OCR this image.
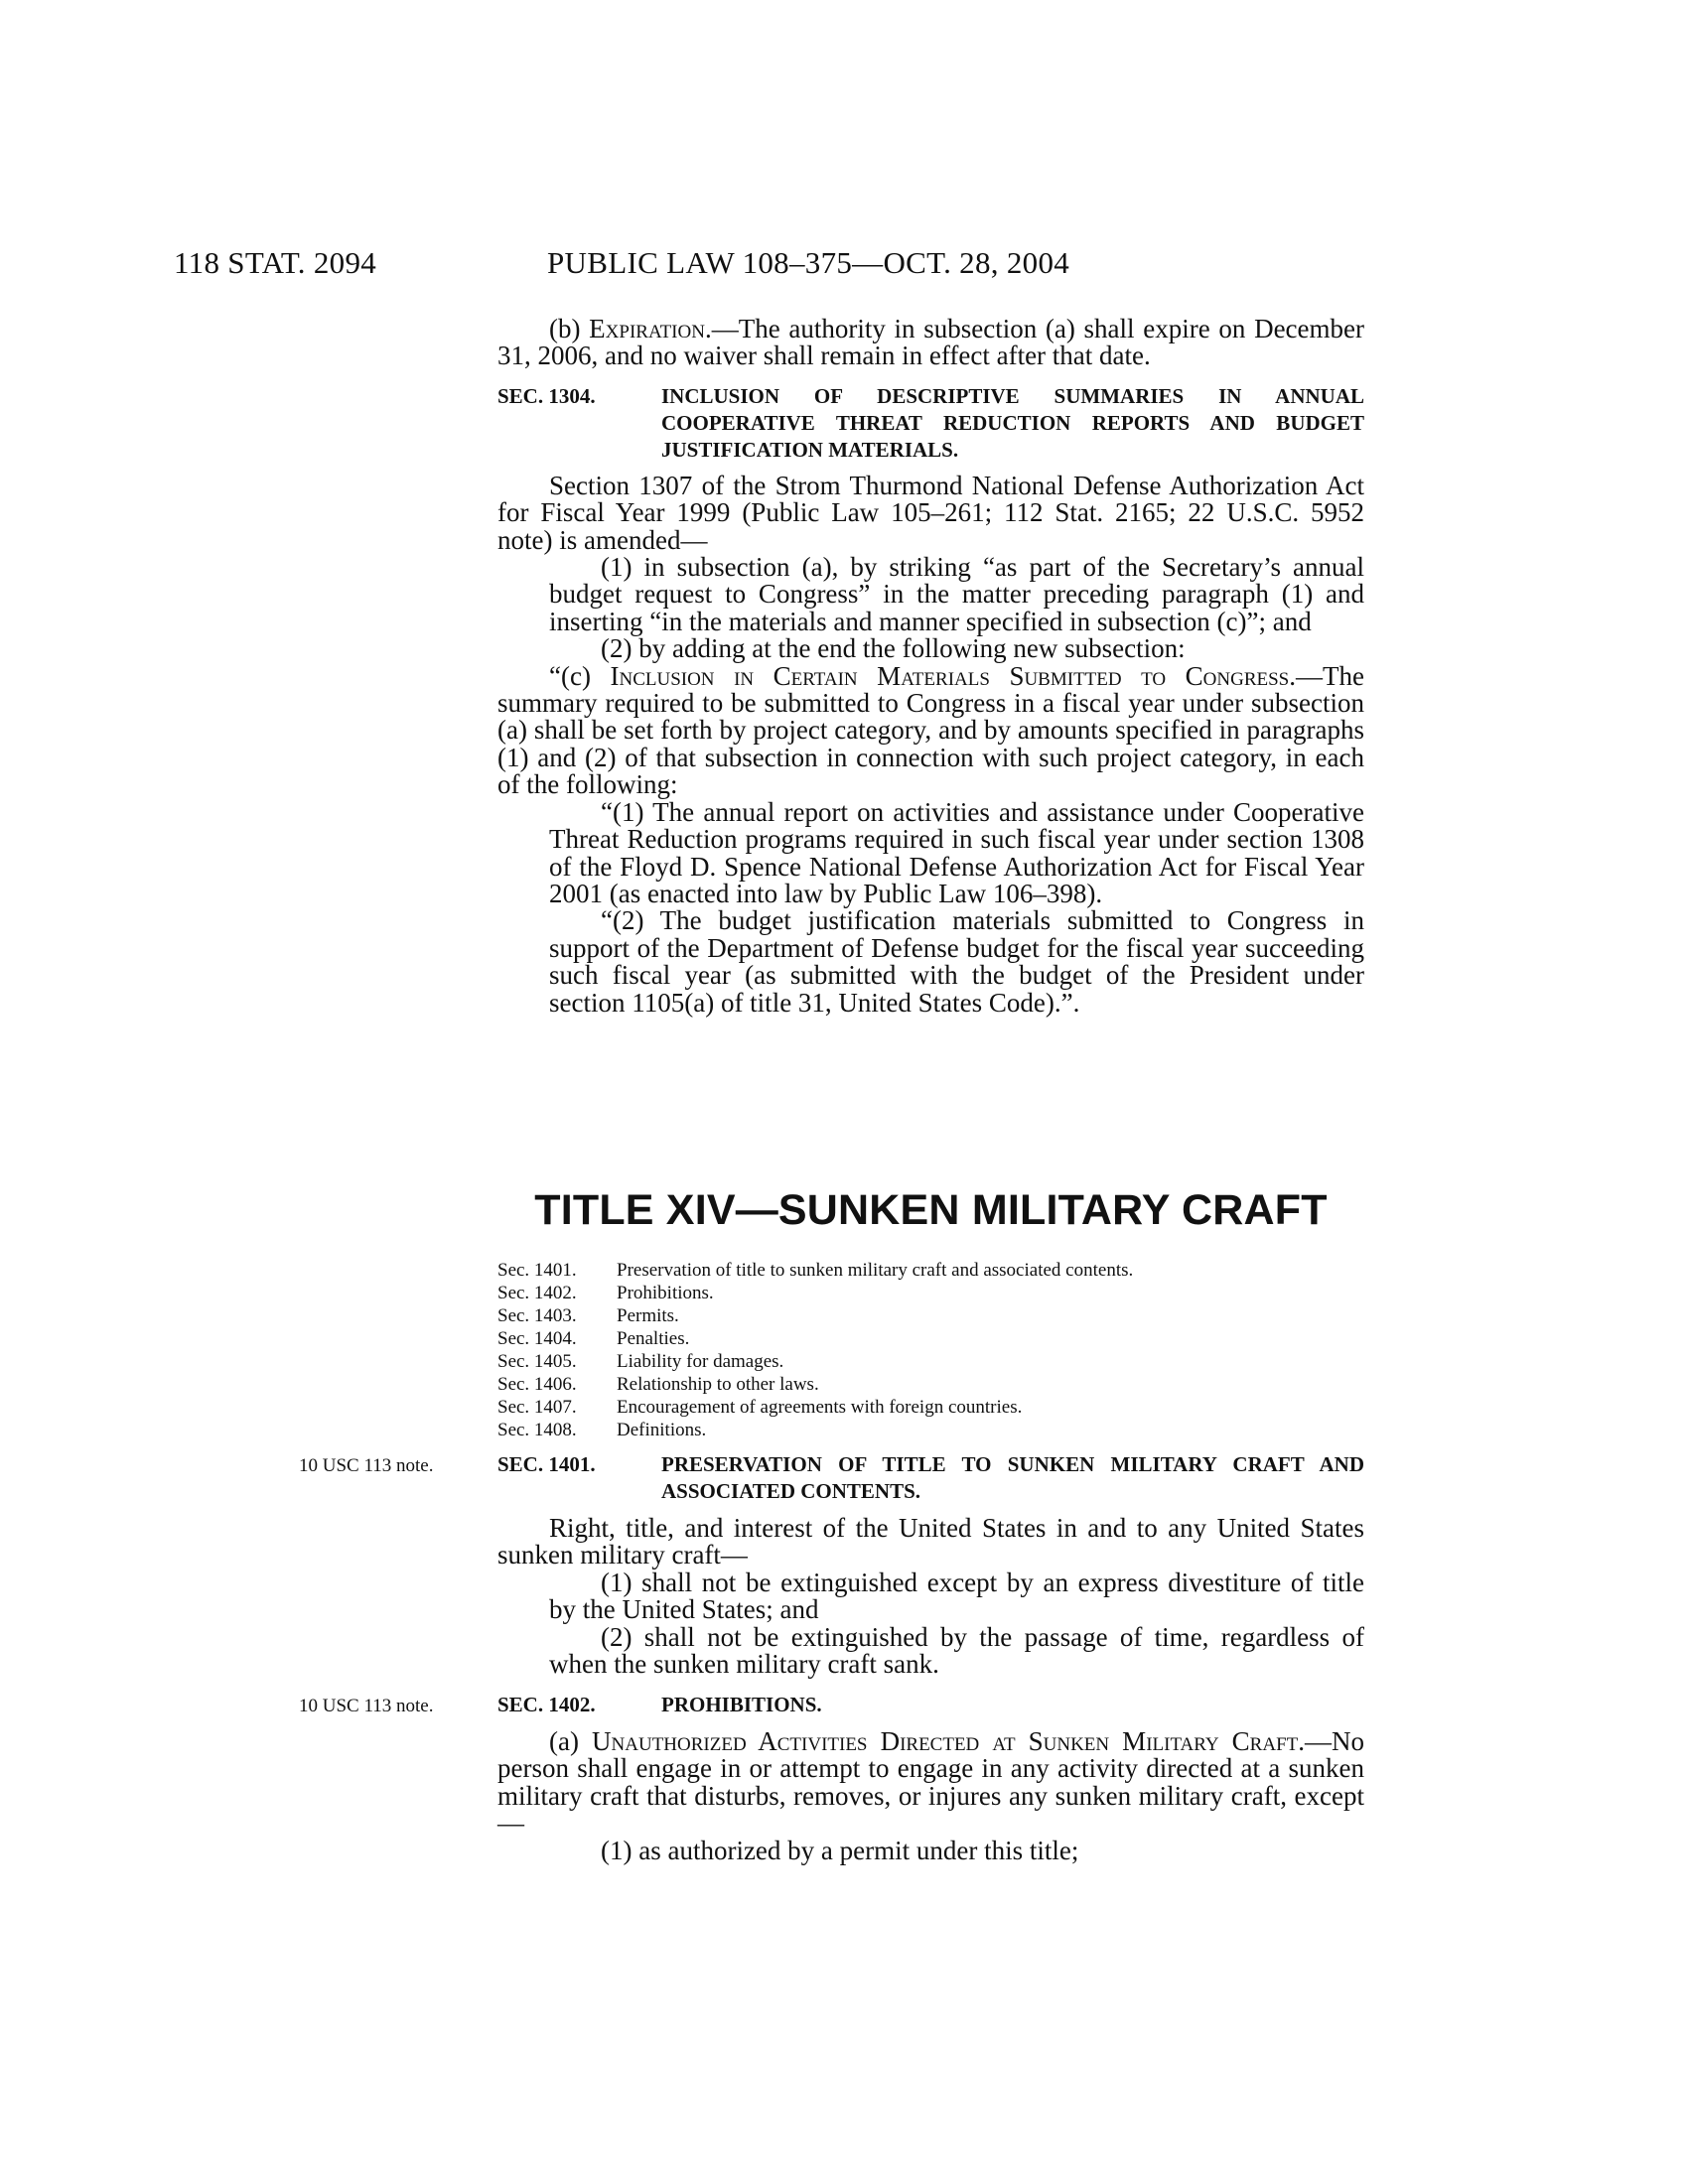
118 STAT. 2094	PUBLIC LAW 108–375—OCT. 28, 2004

(b) Expiration.—The authority in subsection (a) shall expire on December 31, 2006, and no waiver shall remain in effect after that date.

SEC. 1304.	INCLUSION OF DESCRIPTIVE SUMMARIES IN ANNUAL COOPERATIVE THREAT REDUCTION REPORTS AND BUDGET JUSTIFICATION MATERIALS.

Section 1307 of the Strom Thurmond National Defense Authorization Act for Fiscal Year 1999 (Public Law 105–261; 112 Stat. 2165; 22 U.S.C. 5952 note) is amended—

(1) in subsection (a), by striking “as part of the Secretary’s annual budget request to Congress” in the matter preceding paragraph (1) and inserting “in the materials and manner specified in subsection (c)”; and

(2) by adding at the end the following new subsection:

“(c) Inclusion in Certain Materials Submitted to Congress.—The summary required to be submitted to Congress in a fiscal year under subsection (a) shall be set forth by project category, and by amounts specified in paragraphs (1) and (2) of that subsection in connection with such project category, in each of the following:

“(1) The annual report on activities and assistance under Cooperative Threat Reduction programs required in such fiscal year under section 1308 of the Floyd D. Spence National Defense Authorization Act for Fiscal Year 2001 (as enacted into law by Public Law 106–398).

“(2) The budget justification materials submitted to Congress in support of the Department of Defense budget for the fiscal year succeeding such fiscal year (as submitted with the budget of the President under section 1105(a) of title 31, United States Code).”.

TITLE XIV—SUNKEN MILITARY CRAFT
Sec. 1401.	Preservation of title to sunken military craft and associated contents.
Sec. 1402.	Prohibitions.
Sec. 1403.	Permits.
Sec. 1404.	Penalties.
Sec. 1405.	Liability for damages.
Sec. 1406.	Relationship to other laws.
Sec. 1407.	Encouragement of agreements with foreign countries.
Sec. 1408.	Definitions.
10 USC 113 note.	SEC. 1401.	PRESERVATION OF TITLE TO SUNKEN MILITARY CRAFT AND ASSOCIATED CONTENTS.

Right, title, and interest of the United States in and to any United States sunken military craft—

(1) shall not be extinguished except by an express divestiture of title by the United States; and

(2) shall not be extinguished by the passage of time, regardless of when the sunken military craft sank.

10 USC 113 note.	SEC. 1402.	PROHIBITIONS.

(a) Unauthorized Activities Directed at Sunken Military Craft.—No person shall engage in or attempt to engage in any activity directed at a sunken military craft that disturbs, removes, or injures any sunken military craft, except—

(1) as authorized by a permit under this title;
